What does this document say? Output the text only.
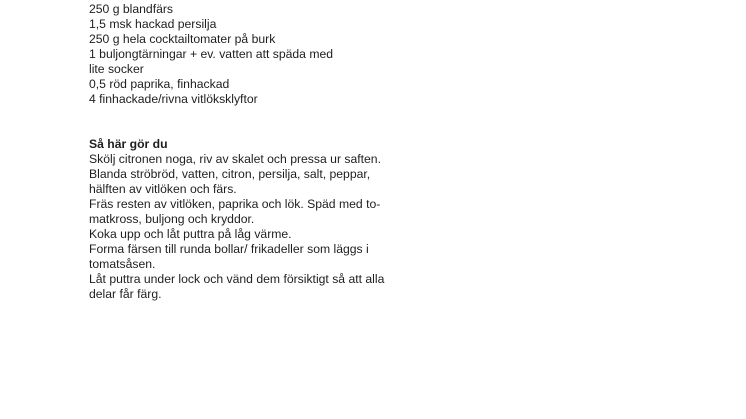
250 g blandfärs
1,5 msk hackad persilja
250 g hela cocktailtomater på burk
1 buljongtärningar + ev. vatten att späda med
lite socker
0,5 röd paprika, finhackad
4 finhackade/rivna vitlöksklyftor
Så här gör du
Skölj citronen noga, riv av skalet och pressa ur saften.
Blanda ströbröd, vatten, citron, persilja, salt, peppar,
hälften av vitlöken och färs.
Fräs resten av vitlöken, paprika och lök. Späd med to-
matkross, buljong och kryddor.
Koka upp och låt puttra på låg värme.
Forma färsen till runda bollar/ frikadeller som läggs i
tomatsåsen.
Låt puttra under lock och vänd dem försiktigt så att alla
delar får färg.
